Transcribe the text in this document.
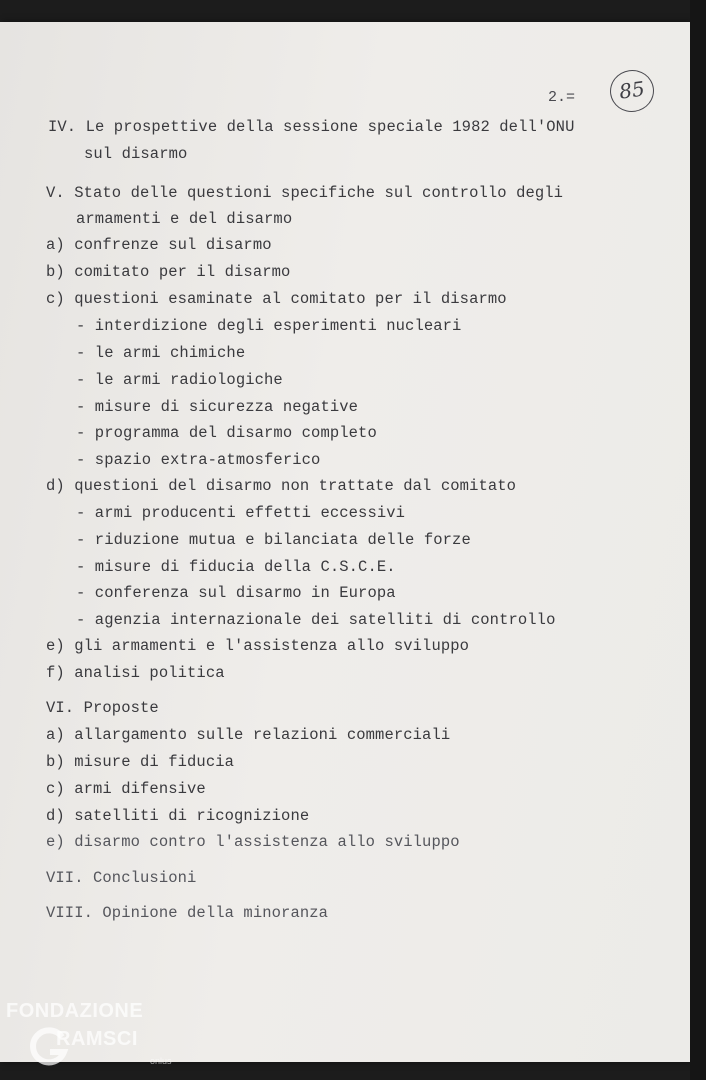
2.=	85
IV. Le prospettive della sessione speciale 1982 dell'ONU
sul disarmo
V. Stato delle questioni specifiche sul controllo degli
armamenti e del disarmo
a) confrenze sul disarmo
b) comitato per il disarmo
c) questioni esaminate al comitato per il disarmo
- interdizione degli esperimenti nucleari
- le armi chimiche
- le armi radiologiche
- misure di sicurezza negative
- programma del disarmo completo
- spazio extra-atmosferico
d) questioni del disarmo non trattate dal comitato
- armi producenti effetti eccessivi
- riduzione mutua e bilanciata delle forze
- misure di fiducia della C.S.C.E.
- conferenza sul disarmo in Europa
- agenzia internazionale dei satelliti di controllo
e) gli armamenti e l'assistenza allo sviluppo
f) analisi politica
VI. Proposte
a) allargamento sulle relazioni commerciali
b) misure di fiducia
c) armi difensive
d) satelliti di ricognizione
e) disarmo contro l'assistenza allo sviluppo
VII. Conclusioni
VIII. Opinione della minoranza
FONDAZIONE
RAMSCI
onlus
